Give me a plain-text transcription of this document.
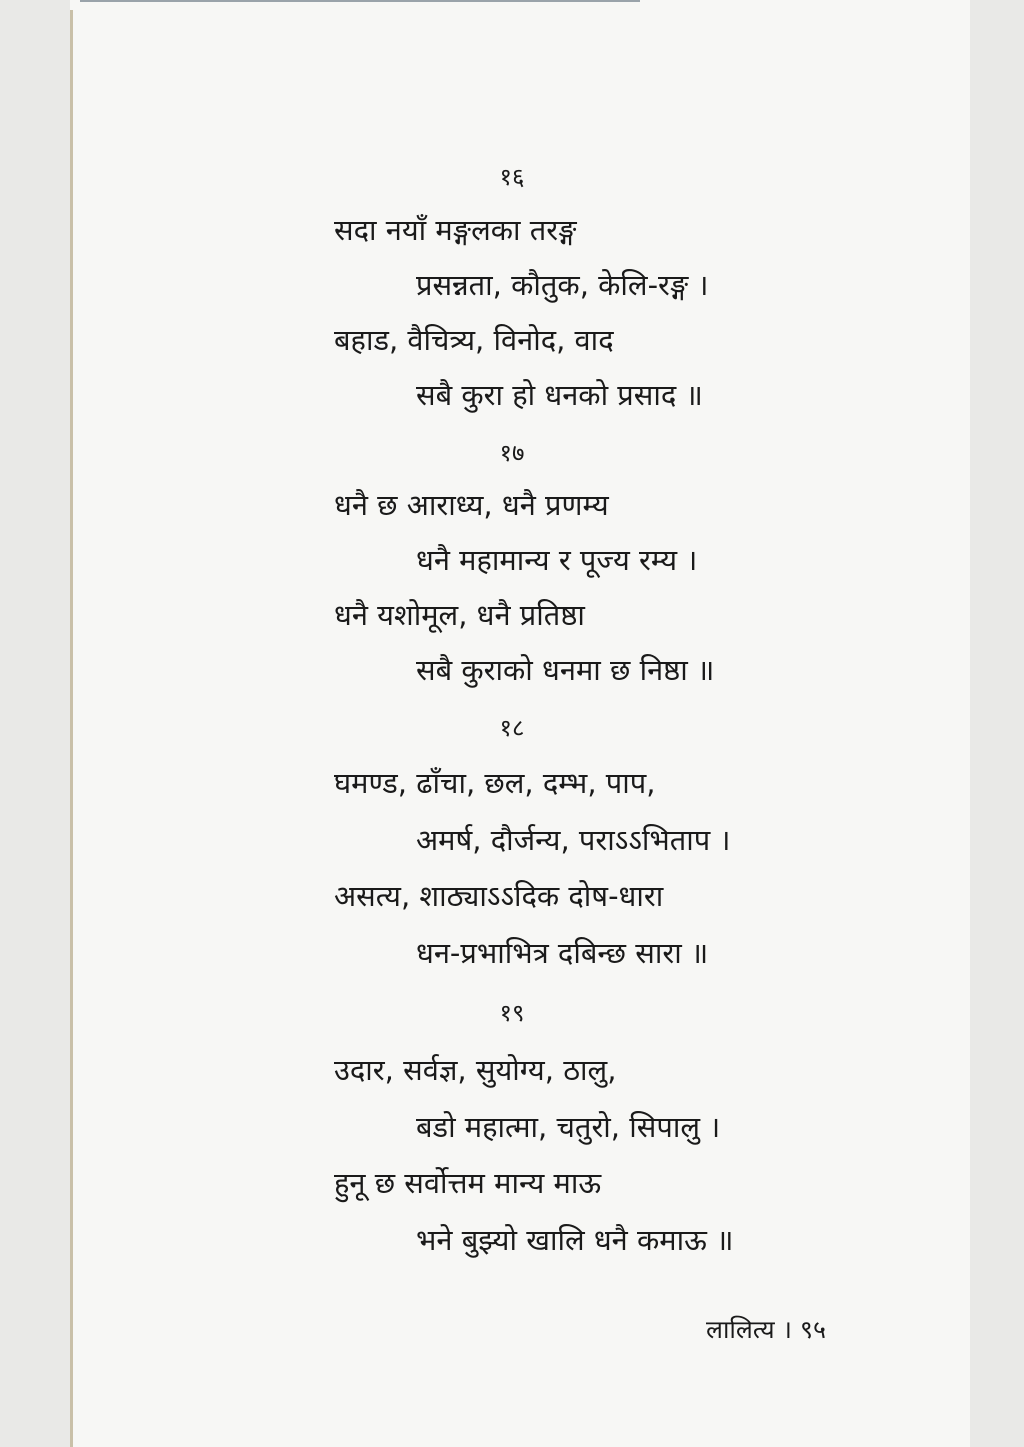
१६
सदा नयाँ मङ्गलका तरङ्ग
प्रसन्नता, कौतुक, केलि-रङ्ग ।
बहाड, वैचित्र्य, विनोद, वाद
सबै कुरा हो धनको प्रसाद ॥
१७
धनै छ आराध्य, धनै प्रणम्य
धनै महामान्य र पूज्य रम्य ।
धनै यशोमूल, धनै प्रतिष्ठा
सबै कुराको धनमा छ निष्ठा ॥
१८
घमण्ड, ढाँचा, छल, दम्भ, पाप,
अमर्ष, दौर्जन्य, पराऽऽभिताप ।
असत्य, शाठ्याऽऽदिक दोष-धारा
धन-प्रभाभित्र दबिन्छ सारा ॥
१९
उदार, सर्वज्ञ, सुयोग्य, ठालु,
बडो महात्मा, चतुरो, सिपालु ।
हुनू छ सर्वोत्तम मान्य माऊ
भने बुझ्यो खालि धनै कमाऊ ॥
लालित्य । ९५
